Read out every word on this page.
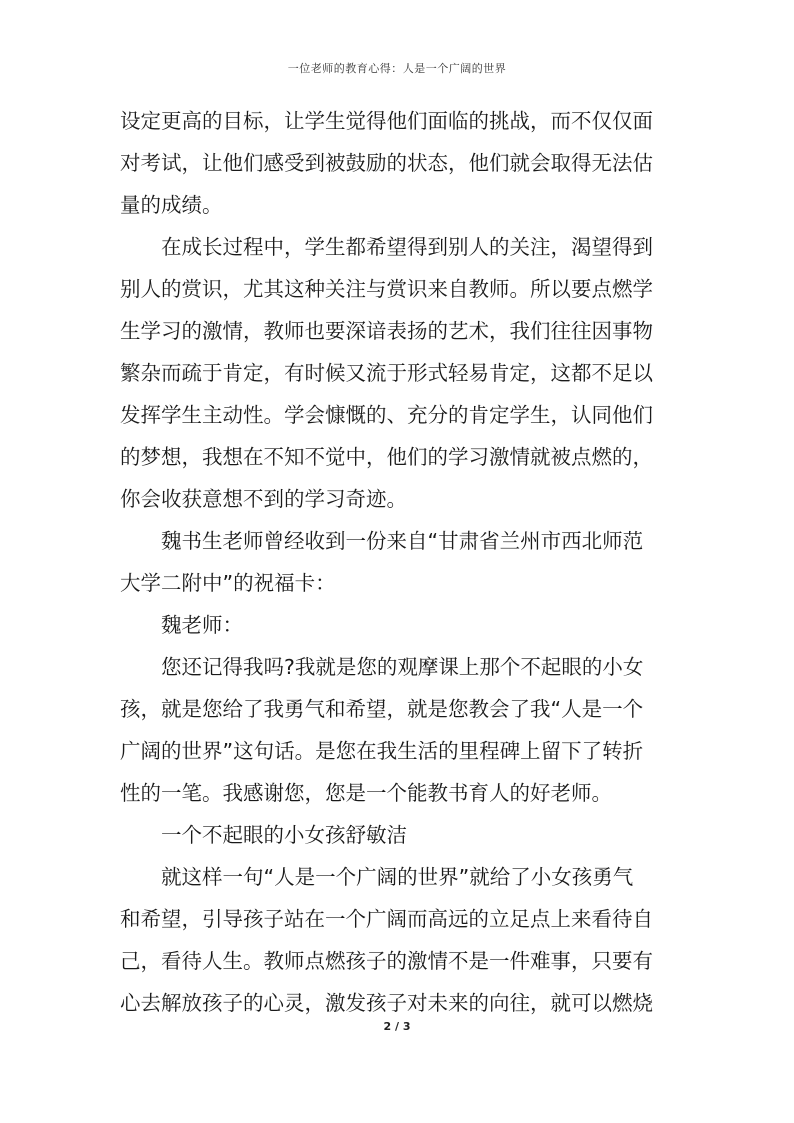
一位老师的教育心得：人是一个广阔的世界
设定更高的目标，让学生觉得他们面临的挑战，而不仅仅面
对考试，让他们感受到被鼓励的状态，他们就会取得无法估
量的成绩。
在成长过程中，学生都希望得到别人的关注，渴望得到
别人的赏识，尤其这种关注与赏识来自教师。所以要点燃学
生学习的激情，教师也要深谙表扬的艺术，我们往往因事物
繁杂而疏于肯定，有时候又流于形式轻易肯定，这都不足以
发挥学生主动性。学会慷慨的、充分的肯定学生，认同他们
的梦想，我想在不知不觉中，他们的学习激情就被点燃的，
你会收获意想不到的学习奇迹。
魏书生老师曾经收到一份来自“甘肃省兰州市西北师范
大学二附中”的祝福卡：
魏老师：
您还记得我吗?我就是您的观摩课上那个不起眼的小女
孩，就是您给了我勇气和希望，就是您教会了我“人是一个
广阔的世界”这句话。是您在我生活的里程碑上留下了转折
性的一笔。我感谢您，您是一个能教书育人的好老师。
一个不起眼的小女孩舒敏洁
就这样一句“人是一个广阔的世界”就给了小女孩勇气
和希望，引导孩子站在一个广阔而高远的立足点上来看待自
己，看待人生。教师点燃孩子的激情不是一件难事，只要有
心去解放孩子的心灵，激发孩子对未来的向往，就可以燃烧
2 / 3
